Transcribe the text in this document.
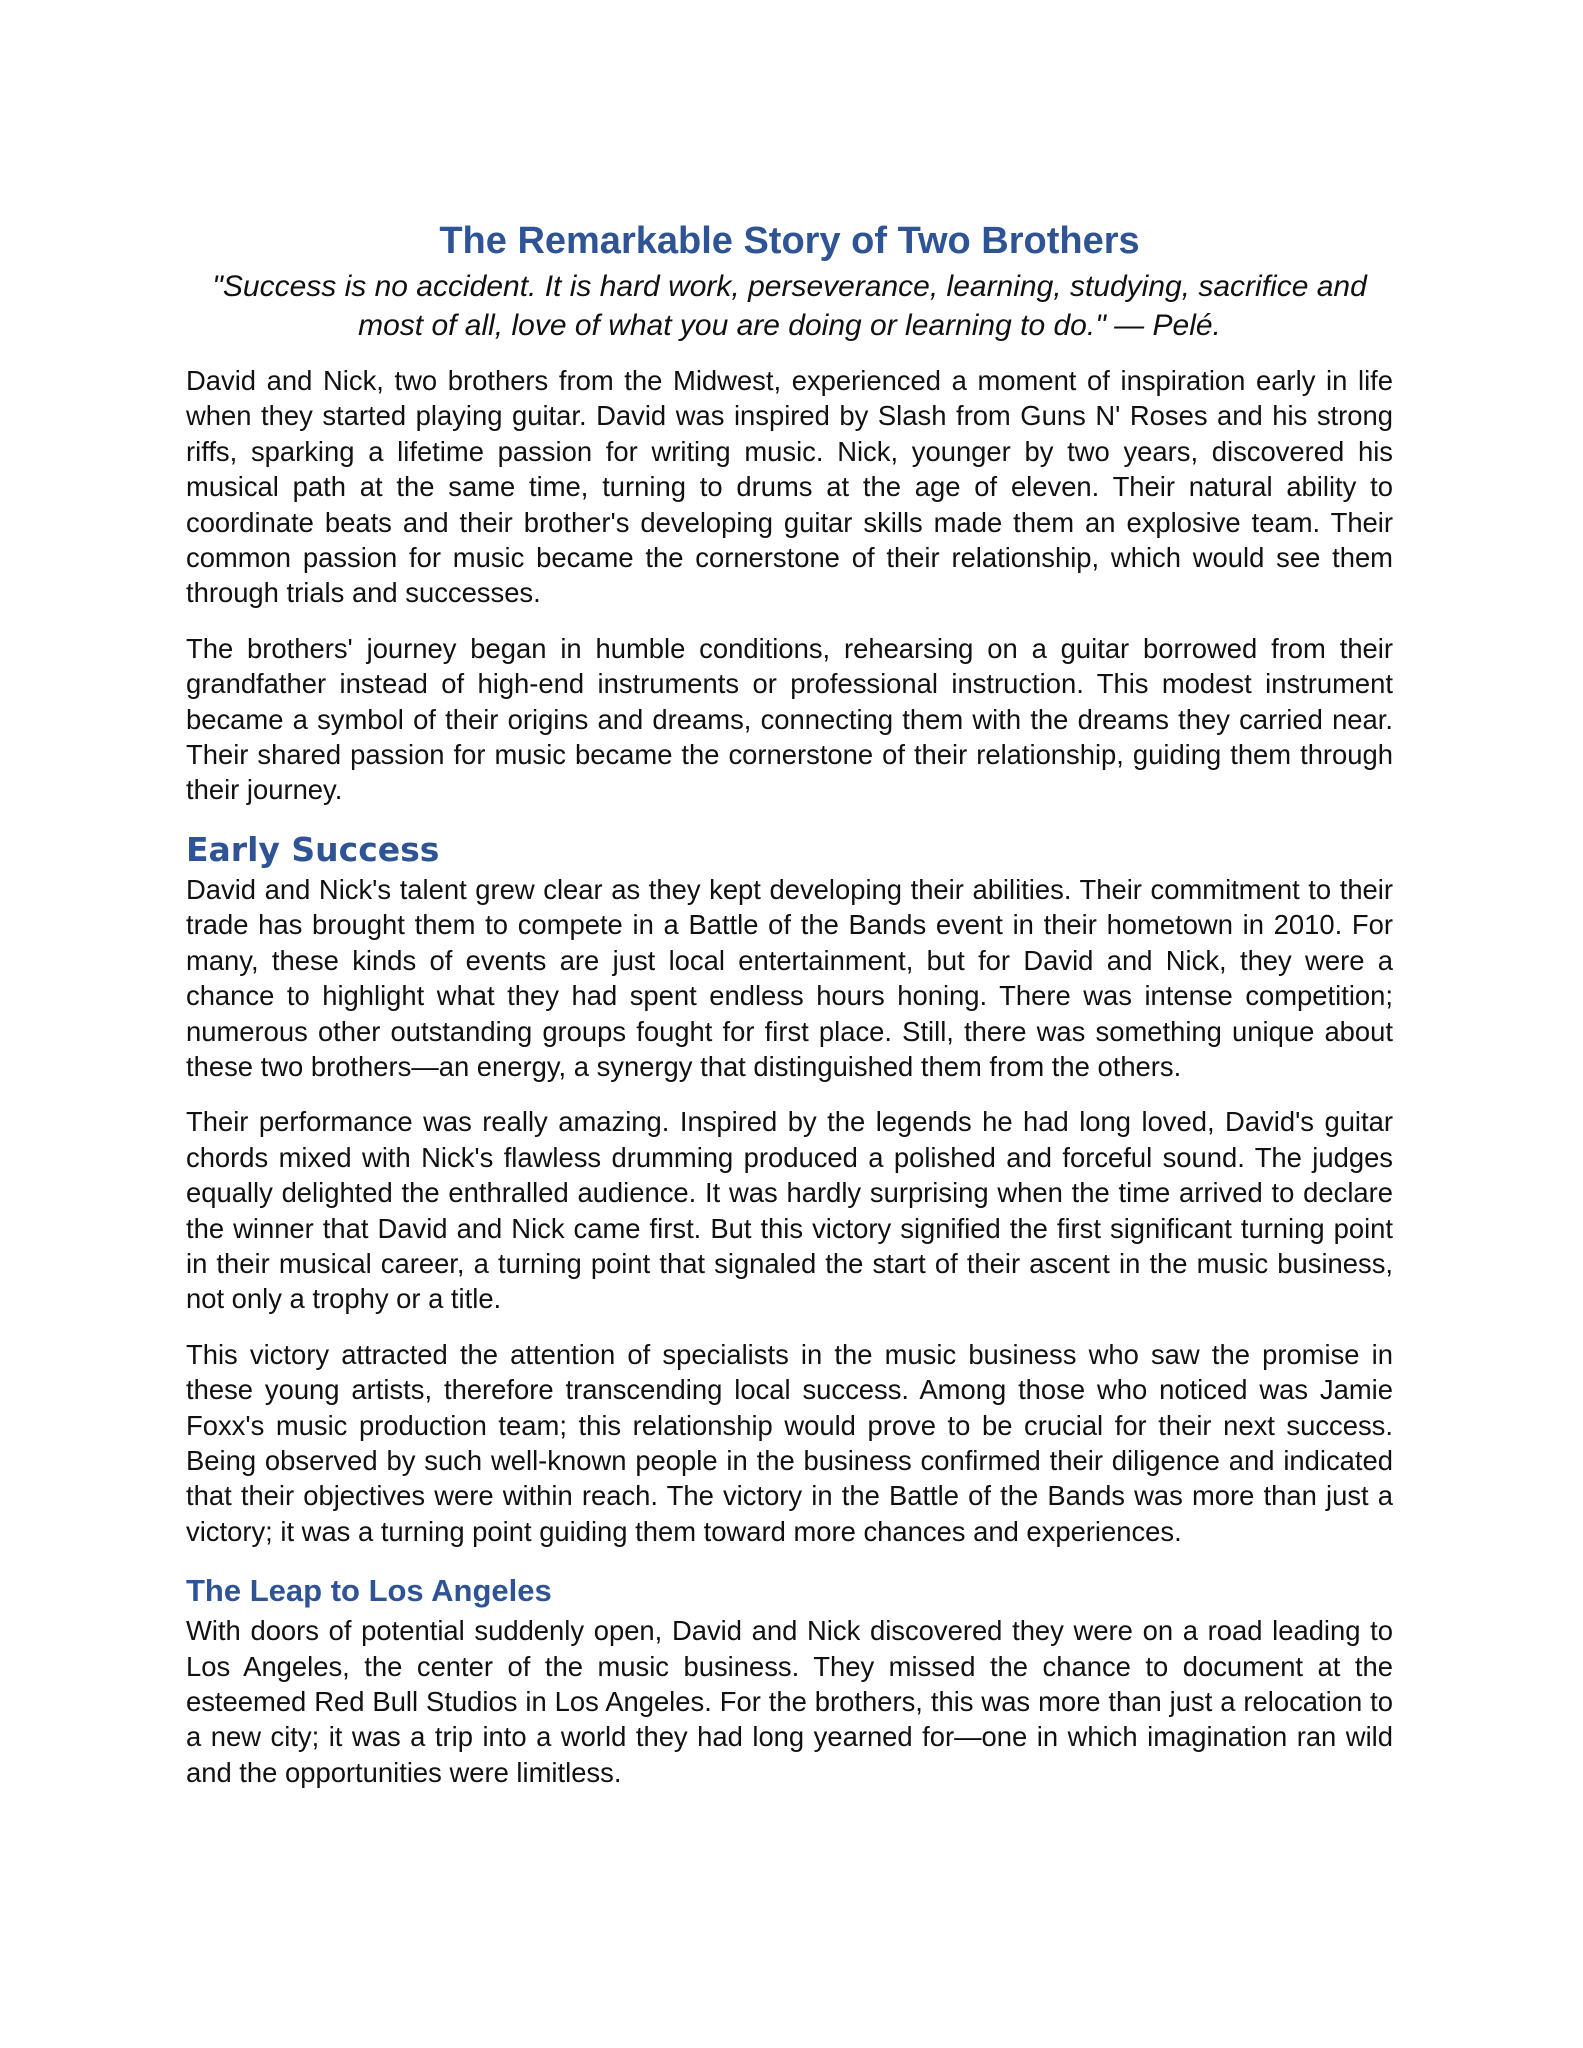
The Remarkable Story of Two Brothers

"Success is no accident. It is hard work, perseverance, learning, studying, sacrifice and most of all, love of what you are doing or learning to do." — Pelé.

David and Nick, two brothers from the Midwest, experienced a moment of inspiration early in life when they started playing guitar. David was inspired by Slash from Guns N' Roses and his strong riffs, sparking a lifetime passion for writing music. Nick, younger by two years, discovered his musical path at the same time, turning to drums at the age of eleven. Their natural ability to coordinate beats and their brother's developing guitar skills made them an explosive team. Their common passion for music became the cornerstone of their relationship, which would see them through trials and successes.

The brothers' journey began in humble conditions, rehearsing on a guitar borrowed from their grandfather instead of high-end instruments or professional instruction. This modest instrument became a symbol of their origins and dreams, connecting them with the dreams they carried near. Their shared passion for music became the cornerstone of their relationship, guiding them through their journey.

Early Success

David and Nick's talent grew clear as they kept developing their abilities. Their commitment to their trade has brought them to compete in a Battle of the Bands event in their hometown in 2010. For many, these kinds of events are just local entertainment, but for David and Nick, they were a chance to highlight what they had spent endless hours honing. There was intense competition; numerous other outstanding groups fought for first place. Still, there was something unique about these two brothers—an energy, a synergy that distinguished them from the others.

Their performance was really amazing. Inspired by the legends he had long loved, David's guitar chords mixed with Nick's flawless drumming produced a polished and forceful sound. The judges equally delighted the enthralled audience. It was hardly surprising when the time arrived to declare the winner that David and Nick came first. But this victory signified the first significant turning point in their musical career, a turning point that signaled the start of their ascent in the music business, not only a trophy or a title.

This victory attracted the attention of specialists in the music business who saw the promise in these young artists, therefore transcending local success. Among those who noticed was Jamie Foxx's music production team; this relationship would prove to be crucial for their next success. Being observed by such well-known people in the business confirmed their diligence and indicated that their objectives were within reach. The victory in the Battle of the Bands was more than just a victory; it was a turning point guiding them toward more chances and experiences.

The Leap to Los Angeles

With doors of potential suddenly open, David and Nick discovered they were on a road leading to Los Angeles, the center of the music business. They missed the chance to document at the esteemed Red Bull Studios in Los Angeles. For the brothers, this was more than just a relocation to a new city; it was a trip into a world they had long yearned for—one in which imagination ran wild and the opportunities were limitless.
